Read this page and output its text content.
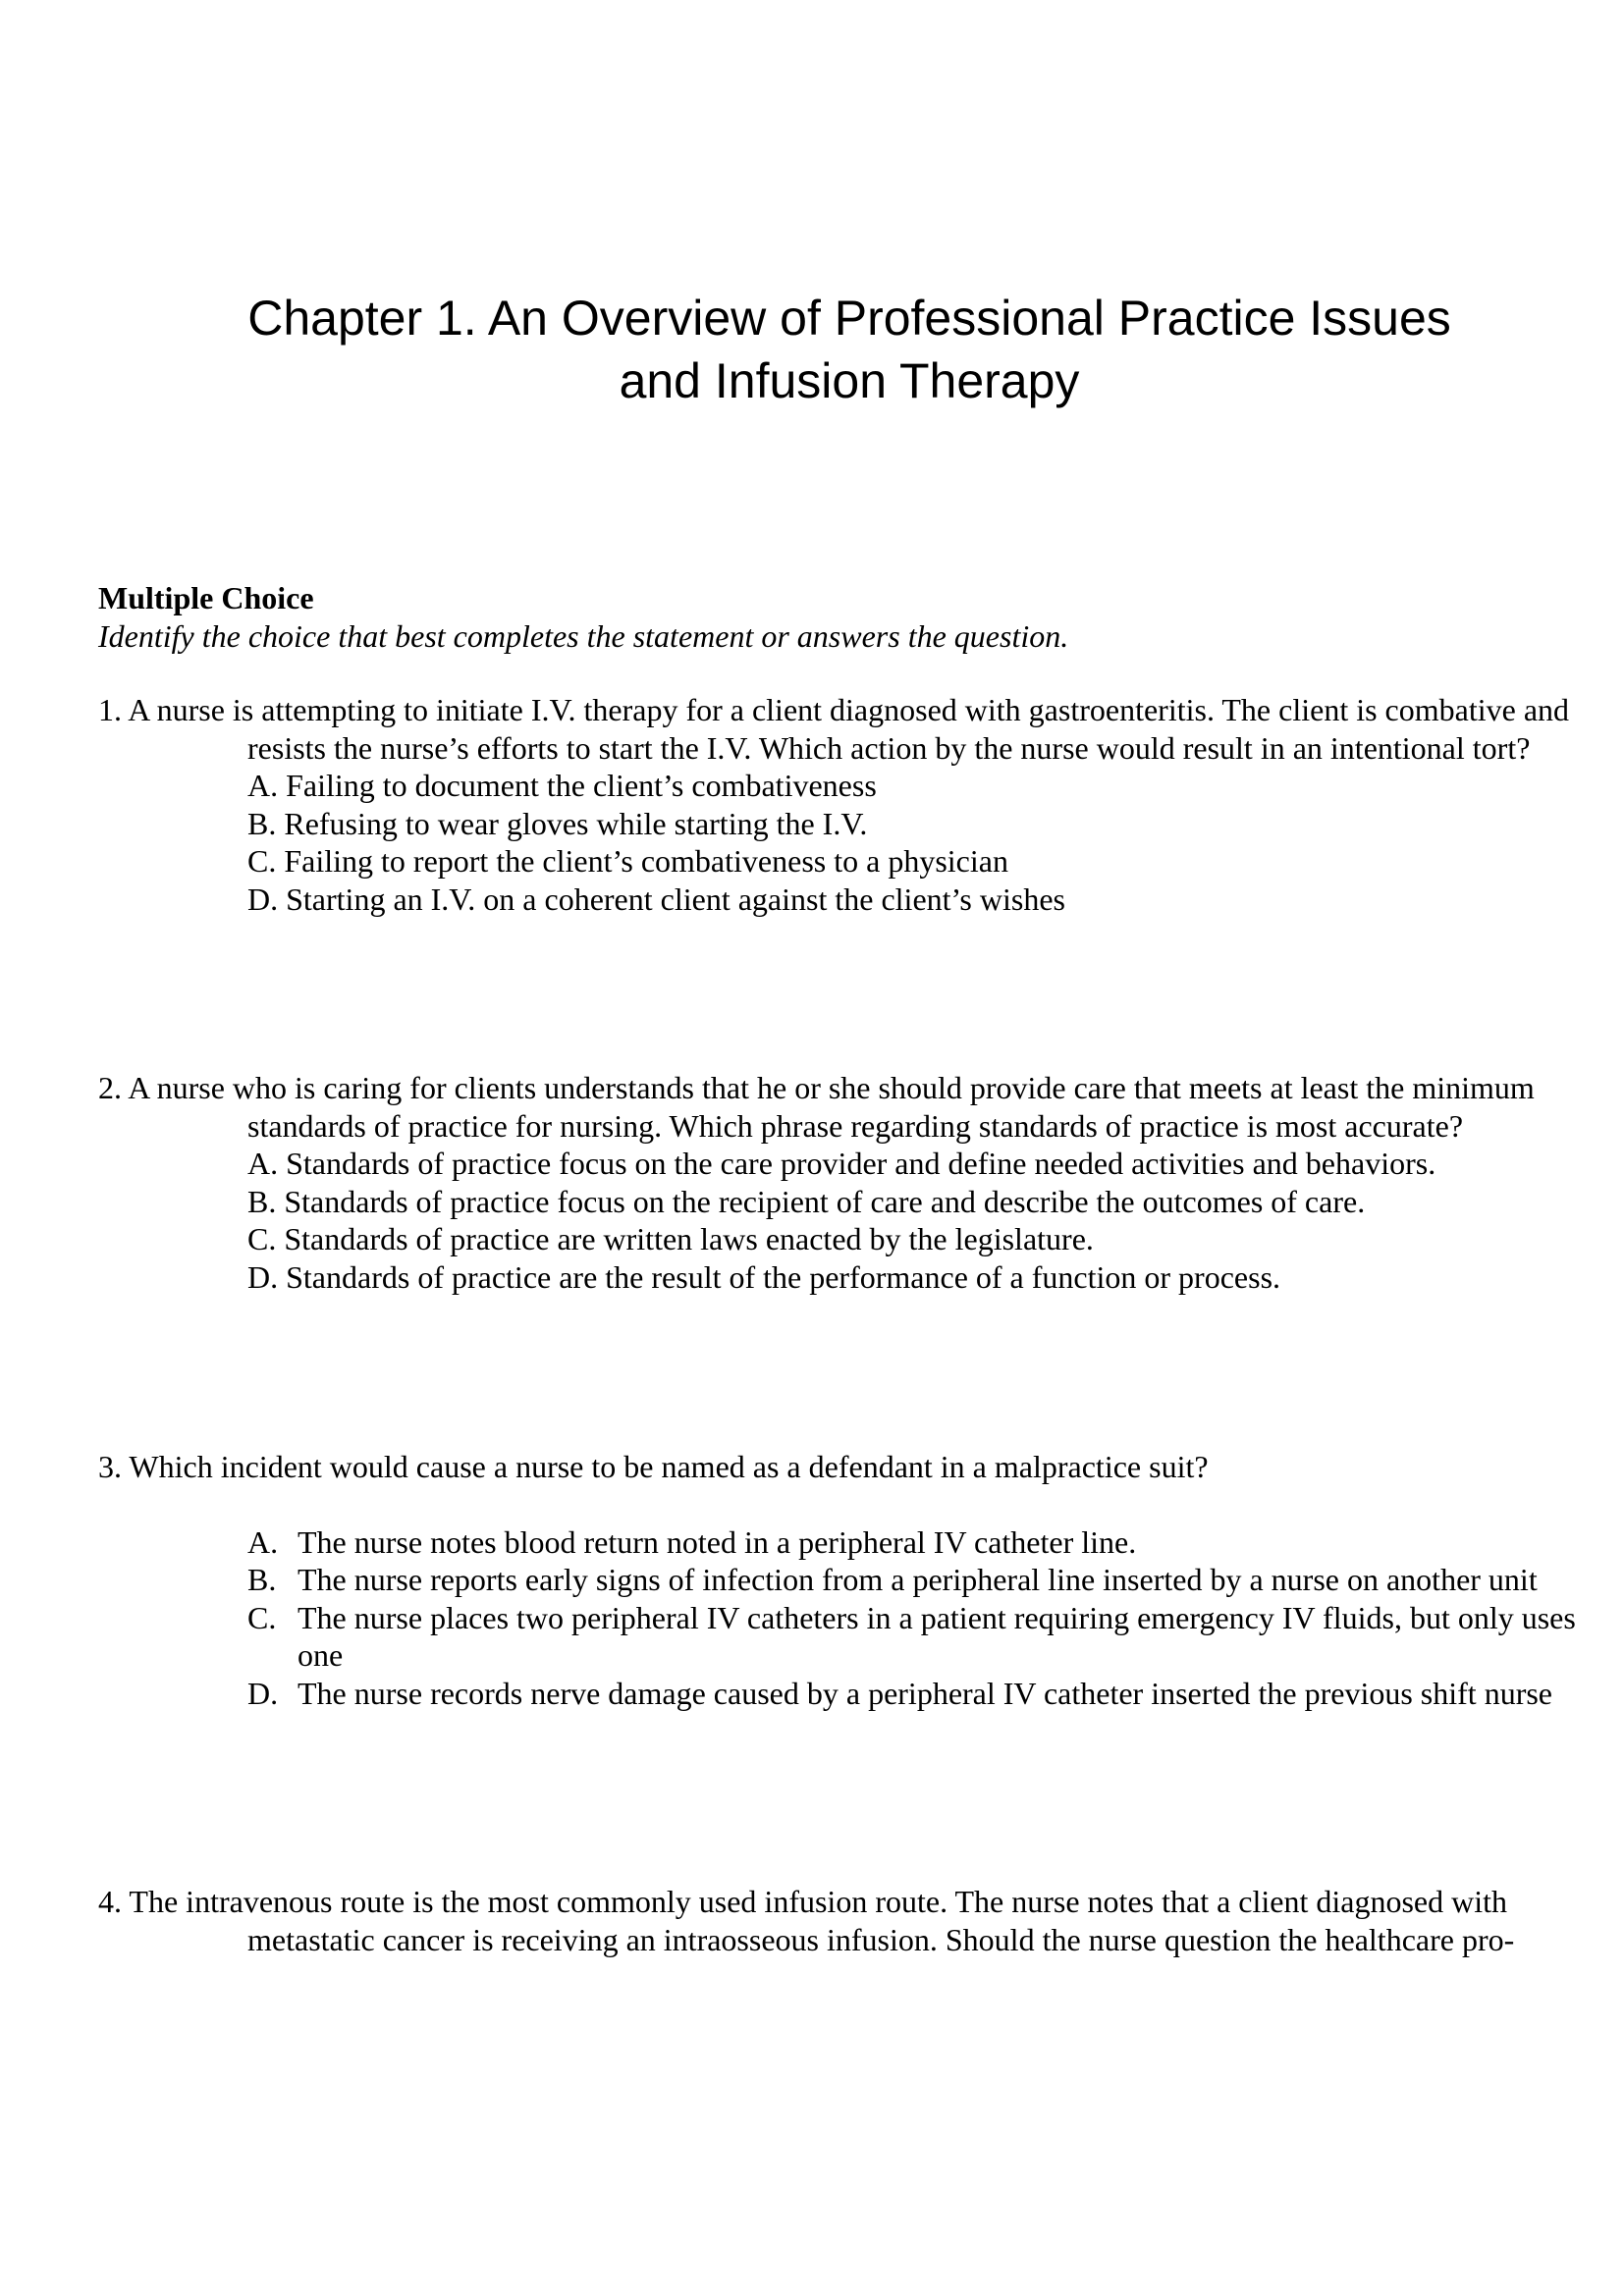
Chapter 1. An Overview of Professional Practice Issues
and Infusion Therapy
Multiple Choice
Identify the choice that best completes the statement or answers the question.
1. A nurse is attempting to initiate I.V. therapy for a client diagnosed with gastroenteritis. The client is combative and resists the nurse’s efforts to start the I.V. Which action by the nurse would result in an intentional tort?
A. Failing to document the client’s combativeness
B. Refusing to wear gloves while starting the I.V.
C. Failing to report the client’s combativeness to a physician
D. Starting an I.V. on a coherent client against the client’s wishes
2. A nurse who is caring for clients understands that he or she should provide care that meets at least the minimum standards of practice for nursing. Which phrase regarding standards of practice is most accurate?
A. Standards of practice focus on the care provider and define needed activities and behaviors.
B. Standards of practice focus on the recipient of care and describe the outcomes of care.
C. Standards of practice are written laws enacted by the legislature.
D. Standards of practice are the result of the performance of a function or process.
3. Which incident would cause a nurse to be named as a defendant in a malpractice suit?
A. The nurse notes blood return noted in a peripheral IV catheter line.
B. The nurse reports early signs of infection from a peripheral line inserted by a nurse on another unit
C. The nurse places two peripheral IV catheters in a patient requiring emergency IV fluids, but only uses one
D. The nurse records nerve damage caused by a peripheral IV catheter inserted the previous shift nurse
4. The intravenous route is the most commonly used infusion route. The nurse notes that a client diagnosed with metastatic cancer is receiving an intraosseous infusion. Should the nurse question the healthcare pro-
